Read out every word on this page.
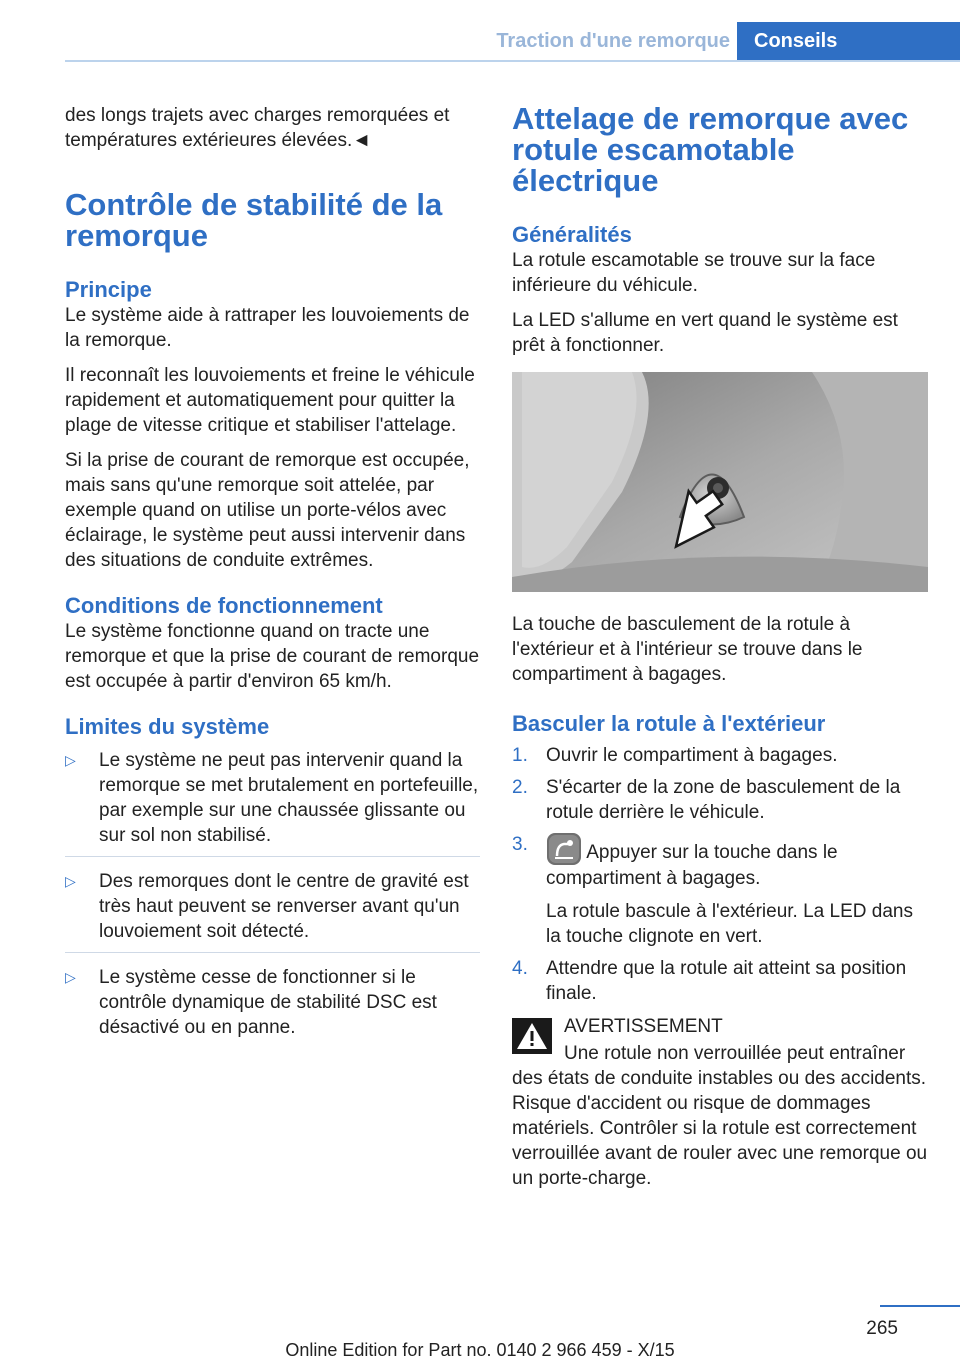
Traction d'une remorque	Conseils

des longs trajets avec charges remorquées et températures extérieures élevées.◄

Contrôle de stabilité de la remorque
Principe

Le système aide à rattraper les louvoiements de la remorque.

Il reconnaît les louvoiements et freine le véhicule rapidement et automatiquement pour quitter la plage de vitesse critique et stabiliser l'attelage.

Si la prise de courant de remorque est occupée, mais sans qu'une remorque soit attelée, par exemple quand on utilise un porte-vélos avec éclairage, le système peut aussi intervenir dans des situations de conduite extrêmes.

Conditions de fonctionnement

Le système fonctionne quand on tracte une remorque et que la prise de courant de remorque est occupée à partir d'environ 65 km/h.

Limites du système
▷ Le système ne peut pas intervenir quand la remorque se met brutalement en portefeuille, par exemple sur une chaussée glissante ou sur sol non stabilisé.
▷ Des remorques dont le centre de gravité est très haut peuvent se renverser avant qu'un louvoiement soit détecté.
▷ Le système cesse de fonctionner si le contrôle dynamique de stabilité DSC est désactivé ou en panne.
Attelage de remorque avec rotule escamotable électrique
Généralités

La rotule escamotable se trouve sur la face inférieure du véhicule.

La LED s'allume en vert quand le système est prêt à fonctionner.

La touche de basculement de la rotule à l'extérieur et à l'intérieur se trouve dans le compartiment à bagages.

Basculer la rotule à l'extérieur
1. Ouvrir le compartiment à bagages.
2. S'écarter de la zone de basculement de la rotule derrière le véhicule.
3.	Appuyer sur la touche dans le compartiment à bagages.
La rotule bascule à l'extérieur. La LED dans la touche clignote en vert.
4. Attendre que la rotule ait atteint sa position finale.

AVERTISSEMENT

Une rotule non verrouillée peut entraîner des états de conduite instables ou des accidents. Risque d'accident ou risque de dommages matériels. Contrôler si la rotule est correctement verrouillée avant de rouler avec une remorque ou un porte-charge.

265
Online Edition for Part no. 0140 2 966 459 - X/15
